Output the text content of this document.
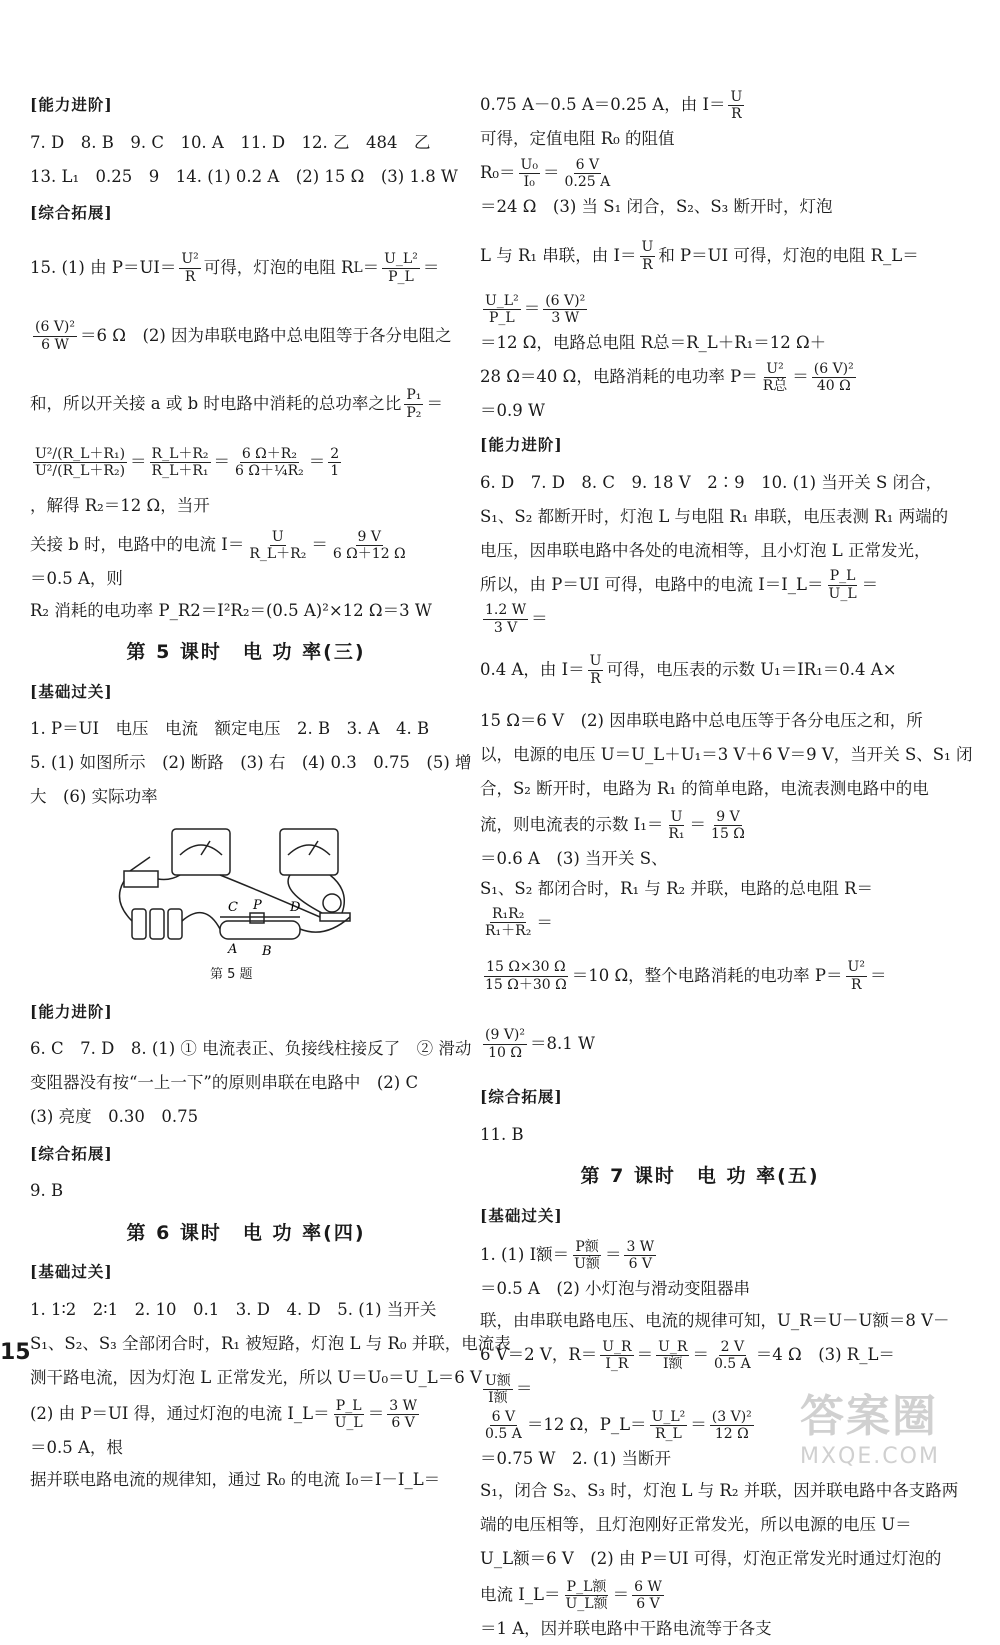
[ 能力进阶 ]
7. D　8. B　9. C　10. A　11. D　12. 乙　484　乙
13. L₁　0.25　9　14. (1) 0.2 A　(2) 15 Ω　(3) 1.8 W
[ 综合拓展 ]
15. (1) 由 $P=UI= \frac{\text{U²}}{R}$ 可得，灯泡的电阻 R $L = \frac{\text{U\_L²}}{P\_L}$ ＝
$\frac{\text{(6 V)²}}{6 W} =6$ Ω　(2) 因为串联电路中总电阻等于各分电阻之
和，所以开关接 a 或 b 时电路中消耗的总功率之比 $\frac{\text{P₁}}{\text{P₂}}$ ＝
$\frac{\text{U²/(R\_L＋R₁)}}{\text{U²/(R\_L＋R₂)}} = \frac{\text{R\_L＋R₂}}{\text{R\_L＋R₁}} = \frac{\text{6 Ω＋R₂}}{\text{6 Ω＋¼R₂}} = \frac{2}{1}$
，解得 R₂＝12 Ω，当开
关接 b 时，电路中的电流 $I= \frac{U}{\text{R\_L＋R₂}} = \frac{9 V}{6 \Omega+12 \Omega}$
＝0.5 A，则
R₂ 消耗的电功率 P_R2＝I²R₂＝(0.5 A)²×12 Ω＝3 W
第 5 课时　电 功 率(三)
[ 基础过关 ]
1. P＝UI　电压　电流　额定电压　2. B　3. A　4. B
5. (1) 如图所示　(2) 断路　(3) 右　(4) 0.3　0.75　(5) 增
大　(6) 实际功率
C P D
A B
第 5 题
[ 能力进阶 ]
6. C　7. D　8. (1) ① 电流表正、负接线柱接反了　② 滑动
变阻器没有按“一上一下”的原则串联在电路中　(2) C
(3) 亮度　0.30　0.75
[ 综合拓展 ]
9. B
第 6 课时　电 功 率(四)
[ 基础过关 ]
1. 1∶2　2∶1　2. 10　0.1　3. D　4. D　5. (1) 当开关
S₁、S₂、S₃ 全部闭合时，R₁ 被短路，灯泡 L 与 R₀ 并联，电流表
测干路电流，因为灯泡 L 正常发光，所以 U＝U₀＝U_L＝6 V
(2) 由 P＝UI 得，通过灯泡的电流 I_L＝ $\frac{P\_L}{U\_L} = \frac{3 W}{6 V}$
＝0.5 A，根
据并联电路电流的规律知，通过 R₀ 的电流 I₀＝I－I_L＝
0.75 A－0.5 A＝0.25 A，由 $I= \frac{U}{R}$
可得，定值电阻 R₀ 的阻值
$R_0= \frac{\text{U₀}}{\text{I₀}} = \frac{6 V}{0.25 A}$
＝24 Ω　(3) 当 S₁ 闭合，S₂、S₃ 断开时，灯泡
L 与 R₁ 串联，由 $I= \frac{U}{R}$ 和 P＝UI 可得，灯泡的电阻 R_L＝
$\frac{\text{U\_L²}}{P\_L} = \frac{\text{(6 V)²}}{3 W}$
＝12 Ω，电路总电阻 R总＝R_L＋R₁＝12 Ω＋
28 Ω＝40 Ω，电路消耗的电功率 $P= \frac{\text{U²}}{\text{R总}} = \frac{\text{(6 V)²}}{40 \Omega}$
＝0.9 W
[ 能力进阶 ]
6. D　7. D　8. C　9. 18 V　2∶9　10. (1) 当开关 S 闭合，
S₁、S₂ 都断开时，灯泡 L 与电阻 R₁ 串联，电压表测 R₁ 两端的
电压，因串联电路中各处的电流相等，且小灯泡 L 正常发光，
所以，由 P＝UI 可得，电路中的电流 I＝I_L＝ $\frac{P\_L}{U\_L}$ ＝
$\frac{1.2 W}{3 V}$ ＝
0.4 A，由 $I= \frac{U}{R}$ 可得，电压表的示数 U₁＝IR₁＝0.4 A×
15 Ω＝6 V　(2) 因串联电路中总电压等于各分电压之和，所
以，电源的电压 U＝U_L＋U₁＝3 V＋6 V＝9 V，当开关 S、S₁ 闭
合，S₂ 断开时，电路为 R₁ 的简单电路，电流表测电路中的电
流，则电流表的示数 $I_1= \frac{U}{\text{R₁}} = \frac{9 V}{15 \Omega}$
＝0.6 A　(3) 当开关 S、
S₁、S₂ 都闭合时，R₁ 与 R₂ 并联，电路的总电阻 R＝
$\frac{\text{R₁R₂}}{\text{R₁＋R₂}}$ ＝
$\frac{15 \Omega\times 30 \Omega}{15 \Omega+30 \Omega} =10$ Ω，整个电路消耗的电功率 $P= \frac{\text{U²}}{R}$ ＝
$\frac{\text{(9 V)²}}{10 \Omega} =8.1$ W
[ 综合拓展 ]
11. B
第 7 课时　电 功 率(五)
[ 基础过关 ]
1. (1) I额＝ $\frac{\text{P额}}{\text{U额}} = \frac{3 W}{6 V}$
＝0.5 A　(2) 小灯泡与滑动变阻器串
联，由串联电路电压、电流的规律可知，U_R＝U－U额＝8 V－
6 V＝2 V，$R= \frac{U\_R}{I\_R} = \frac{U\_R}{\text{I额}} = \frac{2 V}{0.5 A} =4$ Ω　(3) R_L＝
$\frac{\text{U额}}{\text{I额}}$ ＝
$\frac{6 V}{0.5 A} =12$ Ω，P_L＝ $\frac{\text{U\_L²}}{R\_L} = \frac{\text{(3 V)²}}{12 \Omega}$
＝0.75 W　2. (1) 当断开
S₁，闭合 S₂、S₃ 时，灯泡 L 与 R₂ 并联，因并联电路中各支路两
端的电压相等，且灯泡刚好正常发光，所以电源的电压 U＝
U_L额＝6 V　(2) 由 P＝UI 可得，灯泡正常发光时通过灯泡的
电流 I_L＝ $\frac{\text{P\_L额}}{\text{U\_L额}} = \frac{6 W}{6 V}$
＝1 A，因并联电路中干路电流等于各支
15
答案圈
MXQE.COM
